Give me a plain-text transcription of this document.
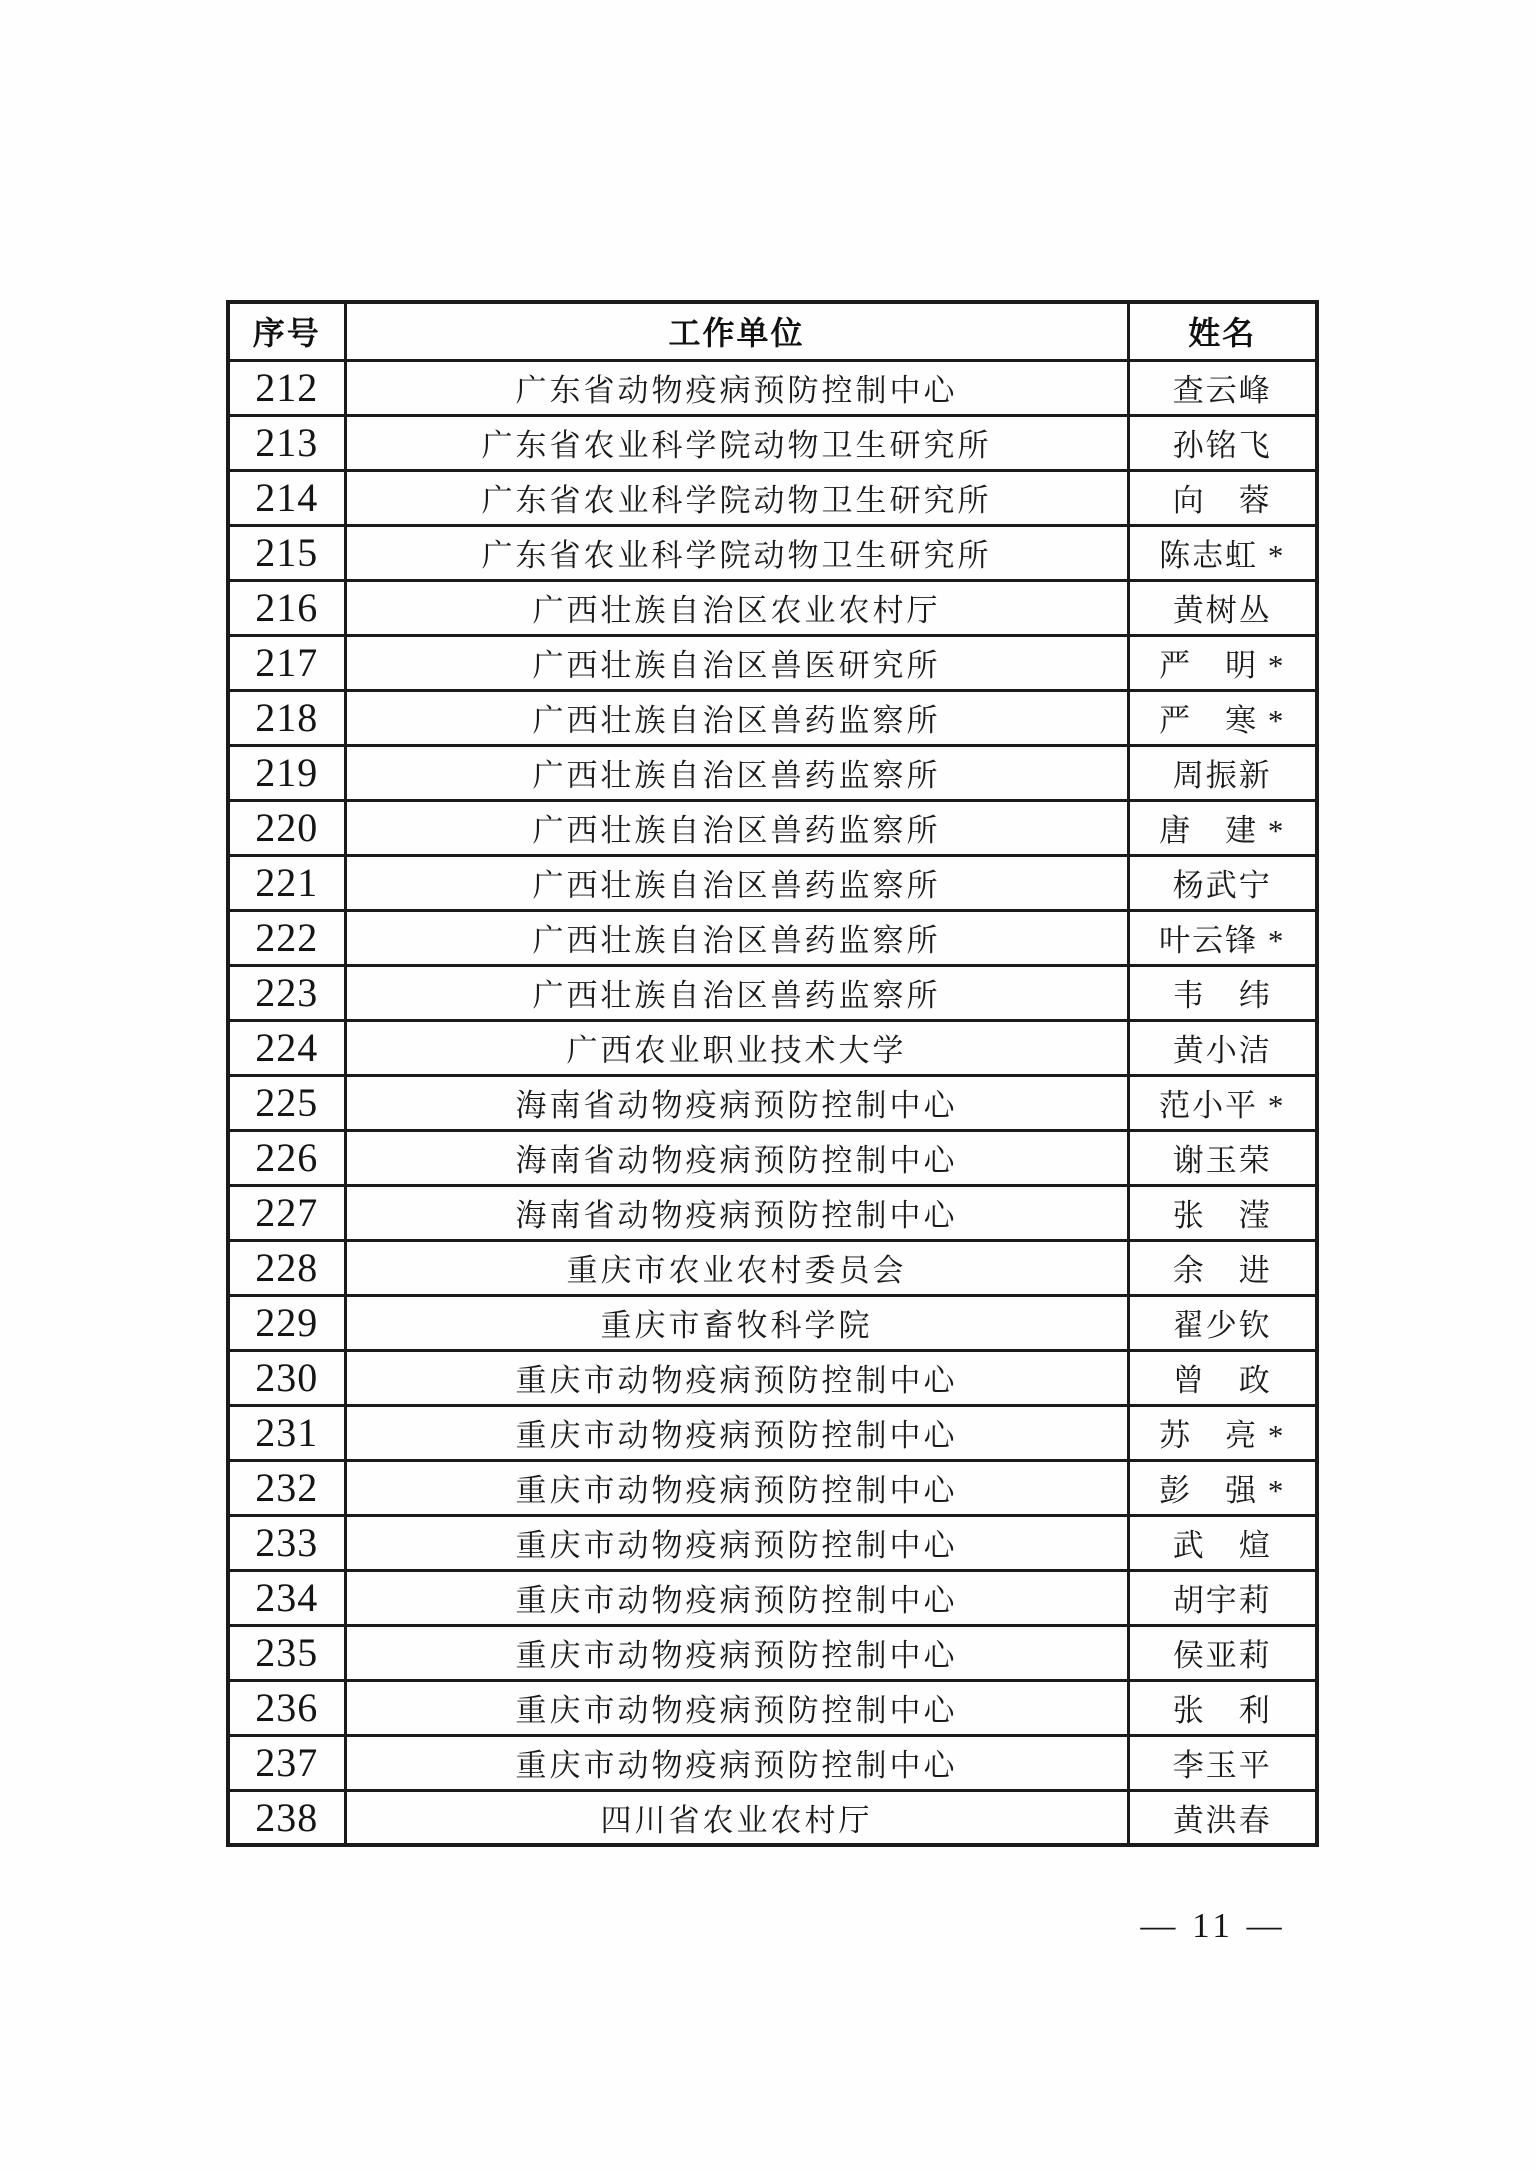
序号	工作单位	姓名
212	广东省动物疫病预防控制中心	查云峰
213	广东省农业科学院动物卫生研究所	孙铭飞
214	广东省农业科学院动物卫生研究所	向　蓉
215	广东省农业科学院动物卫生研究所	陈志虹 *
216	广西壮族自治区农业农村厅	黄树丛
217	广西壮族自治区兽医研究所	严　明 *
218	广西壮族自治区兽药监察所	严　寒 *
219	广西壮族自治区兽药监察所	周振新
220	广西壮族自治区兽药监察所	唐　建 *
221	广西壮族自治区兽药监察所	杨武宁
222	广西壮族自治区兽药监察所	叶云锋 *
223	广西壮族自治区兽药监察所	韦　纬
224	广西农业职业技术大学	黄小洁
225	海南省动物疫病预防控制中心	范小平 *
226	海南省动物疫病预防控制中心	谢玉荣
227	海南省动物疫病预防控制中心	张　滢
228	重庆市农业农村委员会	余　进
229	重庆市畜牧科学院	翟少钦
230	重庆市动物疫病预防控制中心	曾　政
231	重庆市动物疫病预防控制中心	苏　亮 *
232	重庆市动物疫病预防控制中心	彭　强 *
233	重庆市动物疫病预防控制中心	武　煊
234	重庆市动物疫病预防控制中心	胡宇莉
235	重庆市动物疫病预防控制中心	侯亚莉
236	重庆市动物疫病预防控制中心	张　利
237	重庆市动物疫病预防控制中心	李玉平
238	四川省农业农村厅	黄洪春
— 11 —
